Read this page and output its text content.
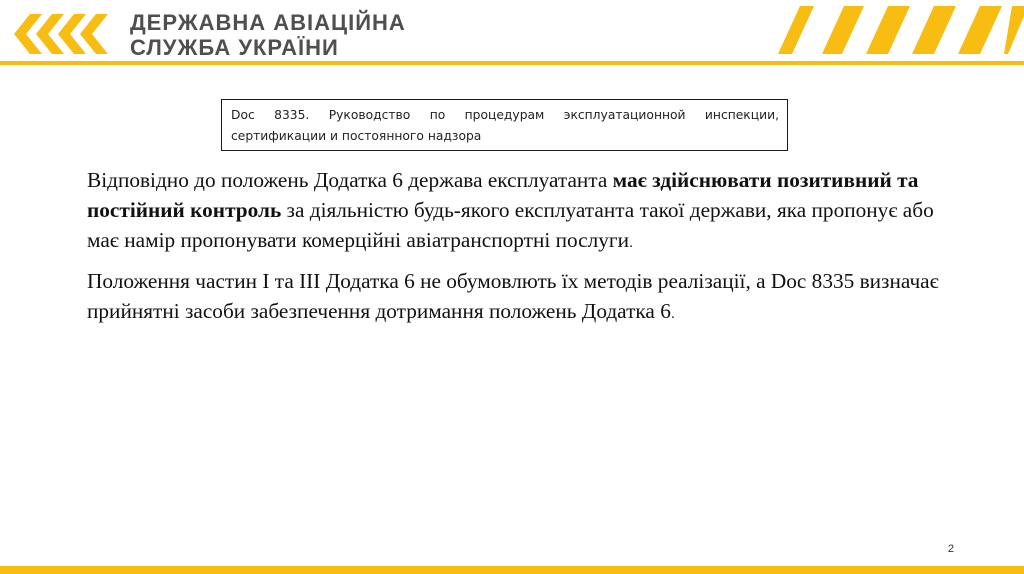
ДЕРЖАВНА АВІАЦІЙНА
СЛУЖБА УКРАЇНИ
Doc 8335. Руководство по процедурам эксплуатационной инспекции, сертификации и постоянного надзора

Відповідно до положень Додатка 6 держава експлуатанта має здійснювати позитивний та постійний контроль за діяльністю будь-якого експлуатанта такої держави, яка пропонує або має намір пропонувати комерційні авіатранспортні послуги.

Положення частин І та ІІІ Додатка 6 не обумовлють їх методів реалізації, а Doc 8335 визначає прийнятні засоби забезпечення дотримання положень Додатка 6.

2
